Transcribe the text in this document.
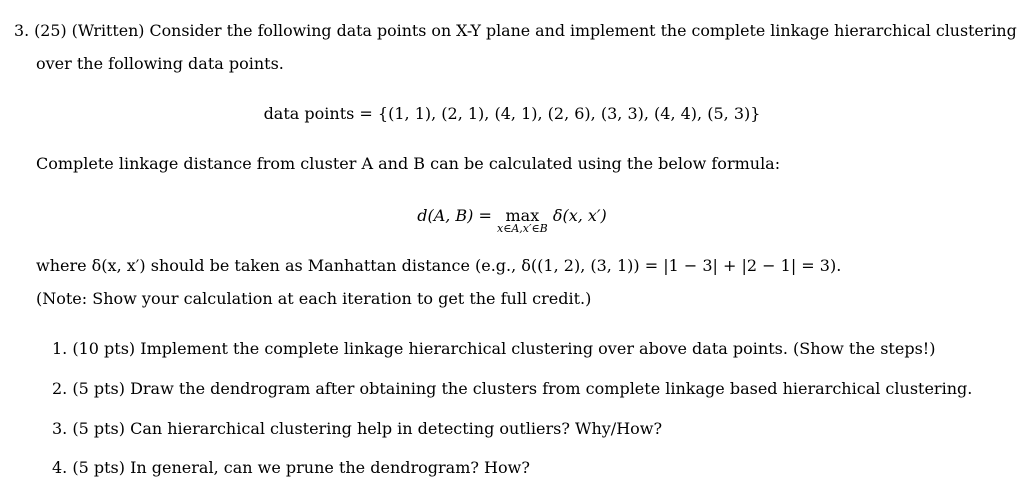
3. (25) (Written) Consider the following data points on X-Y plane and implement the complete linkage hierarchical clustering
over the following data points.
data points = {(1, 1), (2, 1), (4, 1), (2, 6), (3, 3), (4, 4), (5, 3)}
Complete linkage distance from cluster A and B can be calculated using the below formula:
d(A, B) = max
x∈A,x′∈B
δ(x, x′)
where δ(x, x′) should be taken as Manhattan distance (e.g., δ((1, 2), (3, 1)) = |1 − 3| + |2 − 1| = 3).
(Note: Show your calculation at each iteration to get the full credit.)
1. (10 pts) Implement the complete linkage hierarchical clustering over above data points. (Show the steps!)
2. (5 pts) Draw the dendrogram after obtaining the clusters from complete linkage based hierarchical clustering.
3. (5 pts) Can hierarchical clustering help in detecting outliers? Why/How?
4. (5 pts) In general, can we prune the dendrogram? How?
